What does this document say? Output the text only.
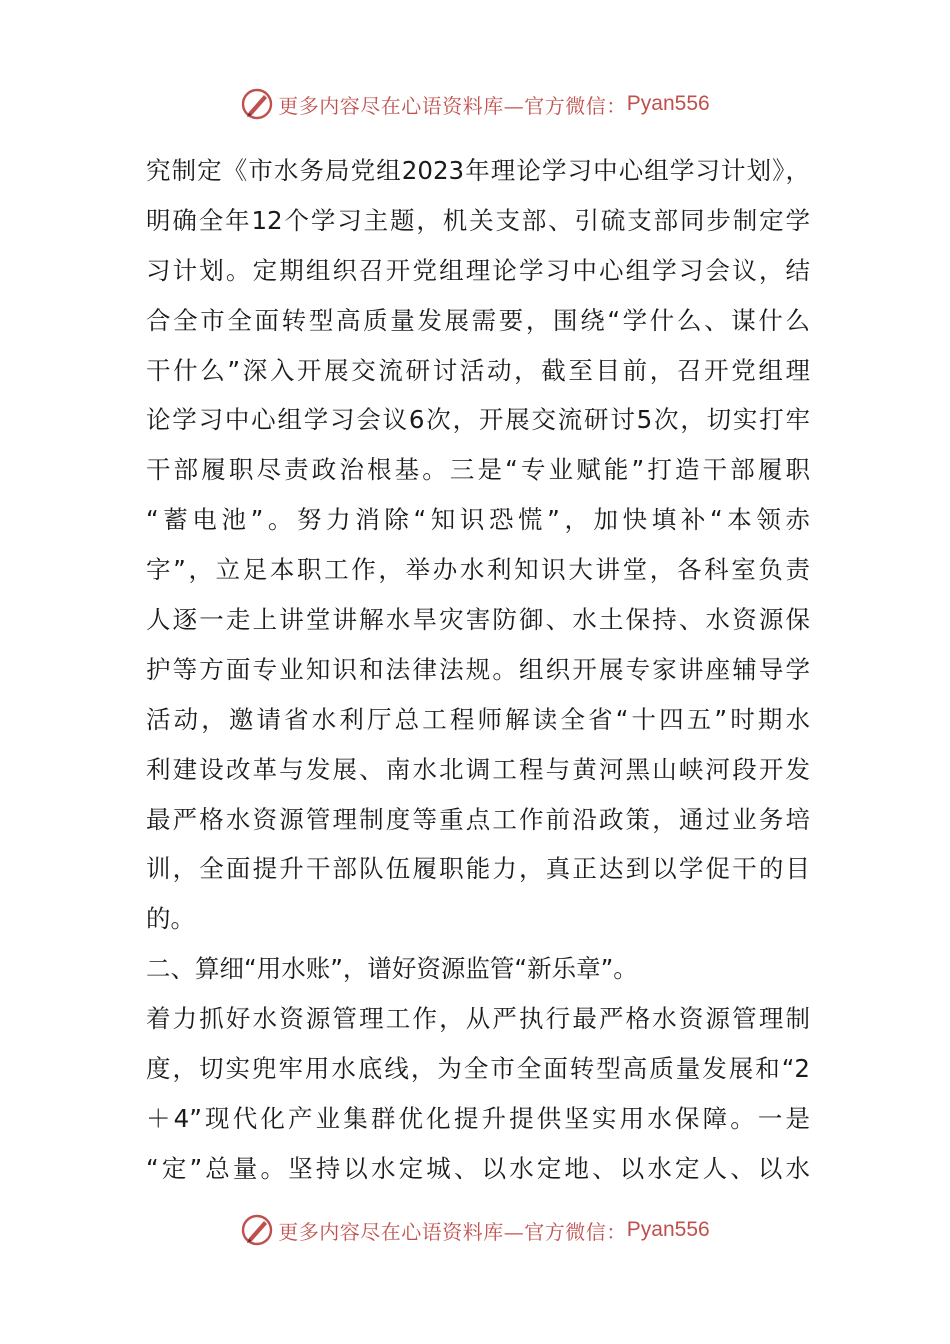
更多内容尽在心语资料库—官方微信： Pyan556
究制定《市水务局党组2023年理论学习中心组学习计划》，
明确全年12个学习主题，机关支部、引硫支部同步制定学
习计划。定期组织召开党组理论学习中心组学习会议，结
合全市全面转型高质量发展需要，围绕“学什么、谋什么
干什么”深入开展交流研讨活动，截至目前，召开党组理
论学习中心组学习会议6次，开展交流研讨5次，切实打牢
干部履职尽责政治根基。三是“专业赋能”打造干部履职
“蓄电池”。努力消除“知识恐慌”，加快填补“本领赤
字”，立足本职工作，举办水利知识大讲堂，各科室负责
人逐一走上讲堂讲解水旱灾害防御、水土保持、水资源保
护等方面专业知识和法律法规。组织开展专家讲座辅导学
活动，邀请省水利厅总工程师解读全省“十四五”时期水
利建设改革与发展、南水北调工程与黄河黑山峡河段开发
最严格水资源管理制度等重点工作前沿政策，通过业务培
训，全面提升干部队伍履职能力，真正达到以学促干的目
的。
二、算细“用水账”，谱好资源监管“新乐章”。
着力抓好水资源管理工作，从严执行最严格水资源管理制
度，切实兜牢用水底线，为全市全面转型高质量发展和“2
＋4”现代化产业集群优化提升提供坚实用水保障。一是
“定”总量。坚持以水定城、以水定地、以水定人、以水
更多内容尽在心语资料库—官方微信： Pyan556
